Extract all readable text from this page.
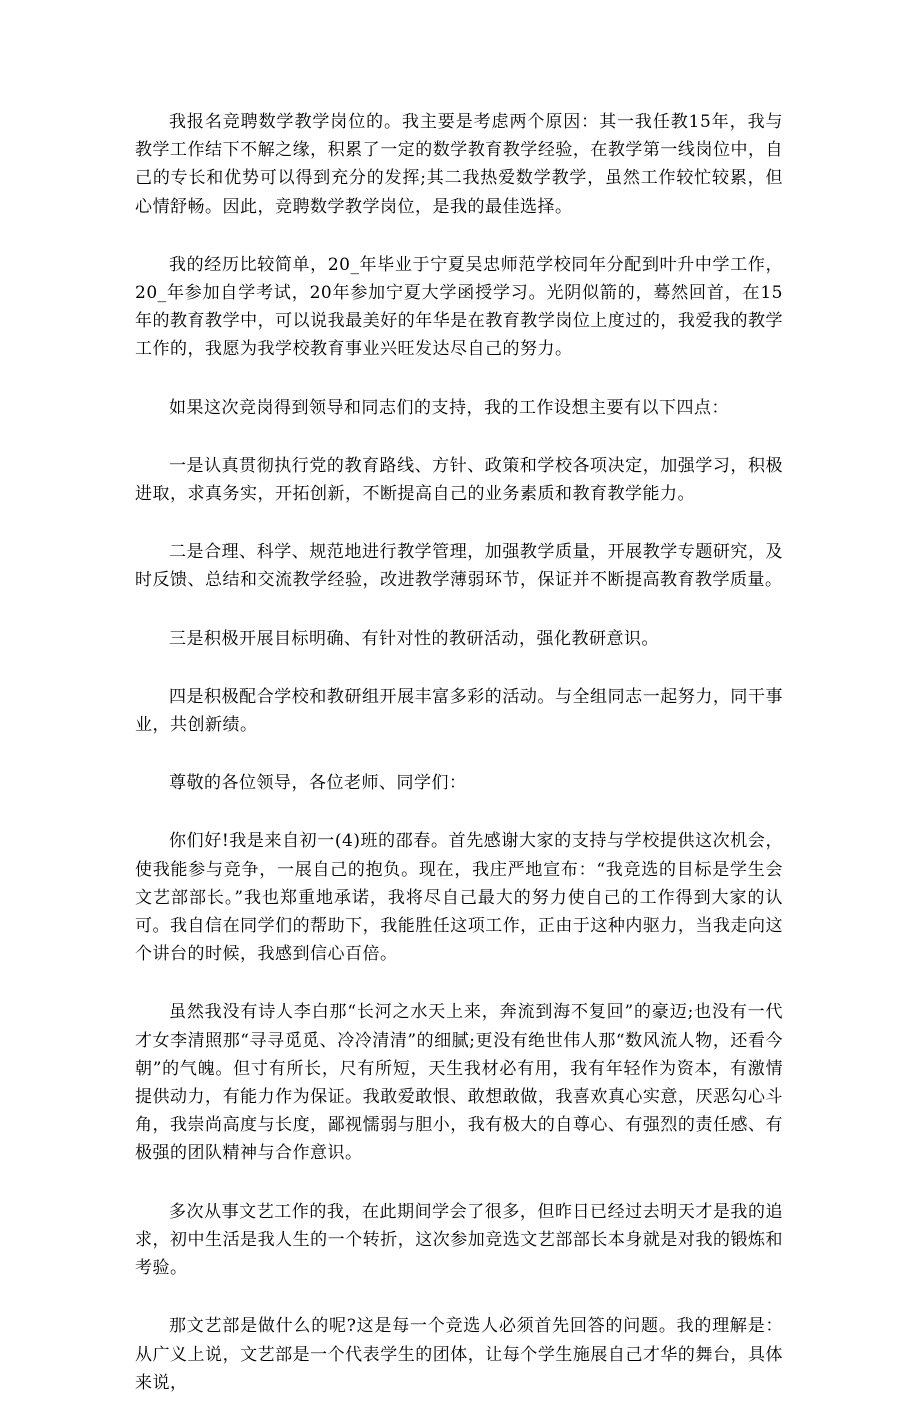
我报名竞聘数学教学岗位的。我主要是考虑两个原因：其一我任教15年，我与教学工作结下不解之缘，积累了一定的数学教育教学经验，在教学第一线岗位中，自己的专长和优势可以得到充分的发挥;其二我热爱数学教学，虽然工作较忙较累，但心情舒畅。因此，竞聘数学教学岗位，是我的最佳选择。

我的经历比较简单，20_年毕业于宁夏吴忠师范学校同年分配到叶升中学工作，20_年参加自学考试，20年参加宁夏大学函授学习。光阴似箭的，蓦然回首，在15年的教育教学中，可以说我最美好的年华是在教育教学岗位上度过的，我爱我的教学工作的，我愿为我学校教育事业兴旺发达尽自己的努力。

如果这次竞岗得到领导和同志们的支持，我的工作设想主要有以下四点：

一是认真贯彻执行党的教育路线、方针、政策和学校各项决定，加强学习，积极进取，求真务实，开拓创新，不断提高自己的业务素质和教育教学能力。

二是合理、科学、规范地进行教学管理，加强教学质量，开展教学专题研究，及时反馈、总结和交流教学经验，改进教学薄弱环节，保证并不断提高教育教学质量。

三是积极开展目标明确、有针对性的教研活动，强化教研意识。

四是积极配合学校和教研组开展丰富多彩的活动。与全组同志一起努力，同干事业，共创新绩。

尊敬的各位领导，各位老师、同学们：

你们好!我是来自初一(4)班的邵春。首先感谢大家的支持与学校提供这次机会，使我能参与竞争，一展自己的抱负。现在，我庄严地宣布：“我竞选的目标是学生会文艺部部长。”我也郑重地承诺，我将尽自己最大的努力使自己的工作得到大家的认可。我自信在同学们的帮助下，我能胜任这项工作，正由于这种内驱力，当我走向这个讲台的时候，我感到信心百倍。

虽然我没有诗人李白那“长河之水天上来，奔流到海不复回”的豪迈;也没有一代才女李清照那“寻寻觅觅、冷冷清清”的细腻;更没有绝世伟人那“数风流人物，还看今朝”的气魄。但寸有所长，尺有所短，天生我材必有用，我有年轻作为资本，有激情提供动力，有能力作为保证。我敢爱敢恨、敢想敢做，我喜欢真心实意，厌恶勾心斗角，我崇尚高度与长度，鄙视懦弱与胆小，我有极大的自尊心、有强烈的责任感、有极强的团队精神与合作意识。

多次从事文艺工作的我，在此期间学会了很多，但昨日已经过去明天才是我的追求，初中生活是我人生的一个转折，这次参加竞选文艺部部长本身就是对我的锻炼和考验。

那文艺部是做什么的呢?这是每一个竞选人必须首先回答的问题。我的理解是：从广义上说，文艺部是一个代表学生的团体，让每个学生施展自己才华的舞台，具体来说，
